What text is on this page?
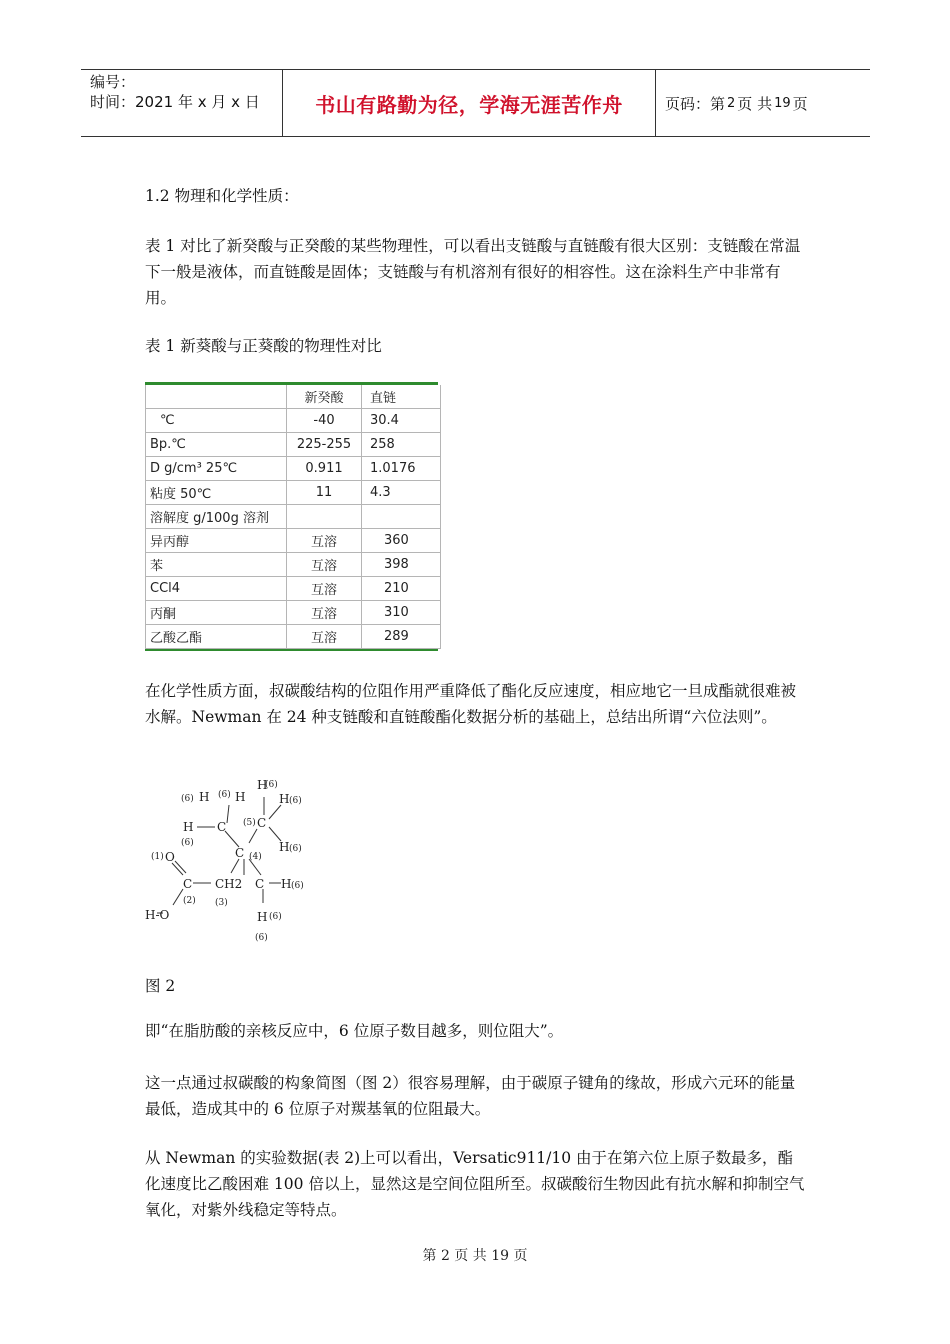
编号：
时间：2021 年 x 月 x 日	书山有路勤为径，学海无涯苦作舟	页码：第 2 页 共 19 页
1.2 物理和化学性质：
表 1 对比了新癸酸与正癸酸的某些物理性，可以看出支链酸与直链酸有很大区别：支链酸在常温下一般是液体，而直链酸是固体；支链酸与有机溶剂有很好的相容性。这在涂料生产中非常有用。
表 1 新葵酸与正葵酸的物理性对比
	新癸酸	直链
℃	-40	30.4
Bp.℃	225-255	258
D g/cm³ 25℃	0.911	1.0176
粘度 50℃	11	4.3
溶解度 g/100g 溶剂		
异丙醇	互溶	360
苯	互溶	398
CCl4	互溶	210
丙酮	互溶	310
乙酸乙酯	互溶	289
在化学性质方面，叔碳酸结构的位阻作用严重降低了酯化反应速度，相应地它一旦成酯就很难被水解。Newman 在 24 种支链酸和直链酸酯化数据分析的基础上，总结出所谓“六位法则”。
(6) H (6) H
H
(6)
H (6)
H C
(6)
(5) C
H (6)
(1) O	C (4)
C CH2 C H (6)
(2) (3)
H-O	H (6)
(6)
图 2
即“在脂肪酸的亲核反应中，6 位原子数目越多，则位阻大”。
这一点通过叔碳酸的构象简图（图 2）很容易理解，由于碳原子键角的缘故，形成六元环的能量最低，造成其中的 6 位原子对羰基氧的位阻最大。
从 Newman 的实验数据(表 2)上可以看出，Versatic911/10 由于在第六位上原子数最多，酯化速度比乙酸困难 100 倍以上，显然这是空间位阻所至。叔碳酸衍生物因此有抗水解和抑制空气氧化，对紫外线稳定等特点。
第 2 页 共 19 页
